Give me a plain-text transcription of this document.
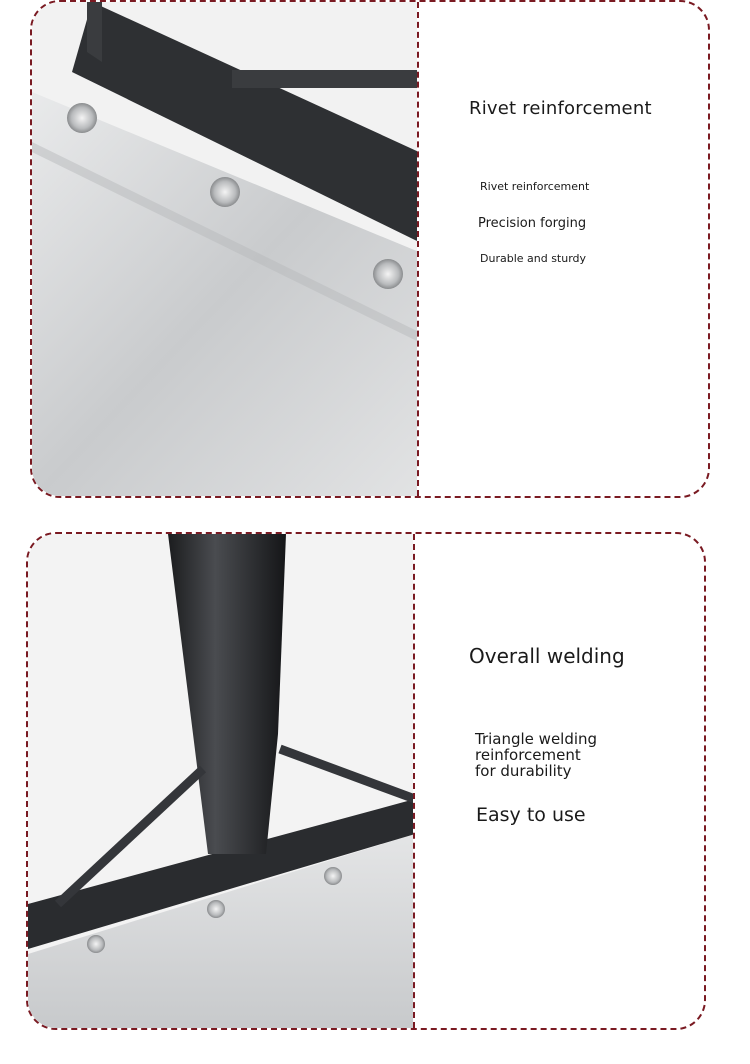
Rivet reinforcement
Rivet reinforcement
Precision forging
Durable and sturdy
Overall welding
Triangle welding reinforcement for durability
Easy to use
